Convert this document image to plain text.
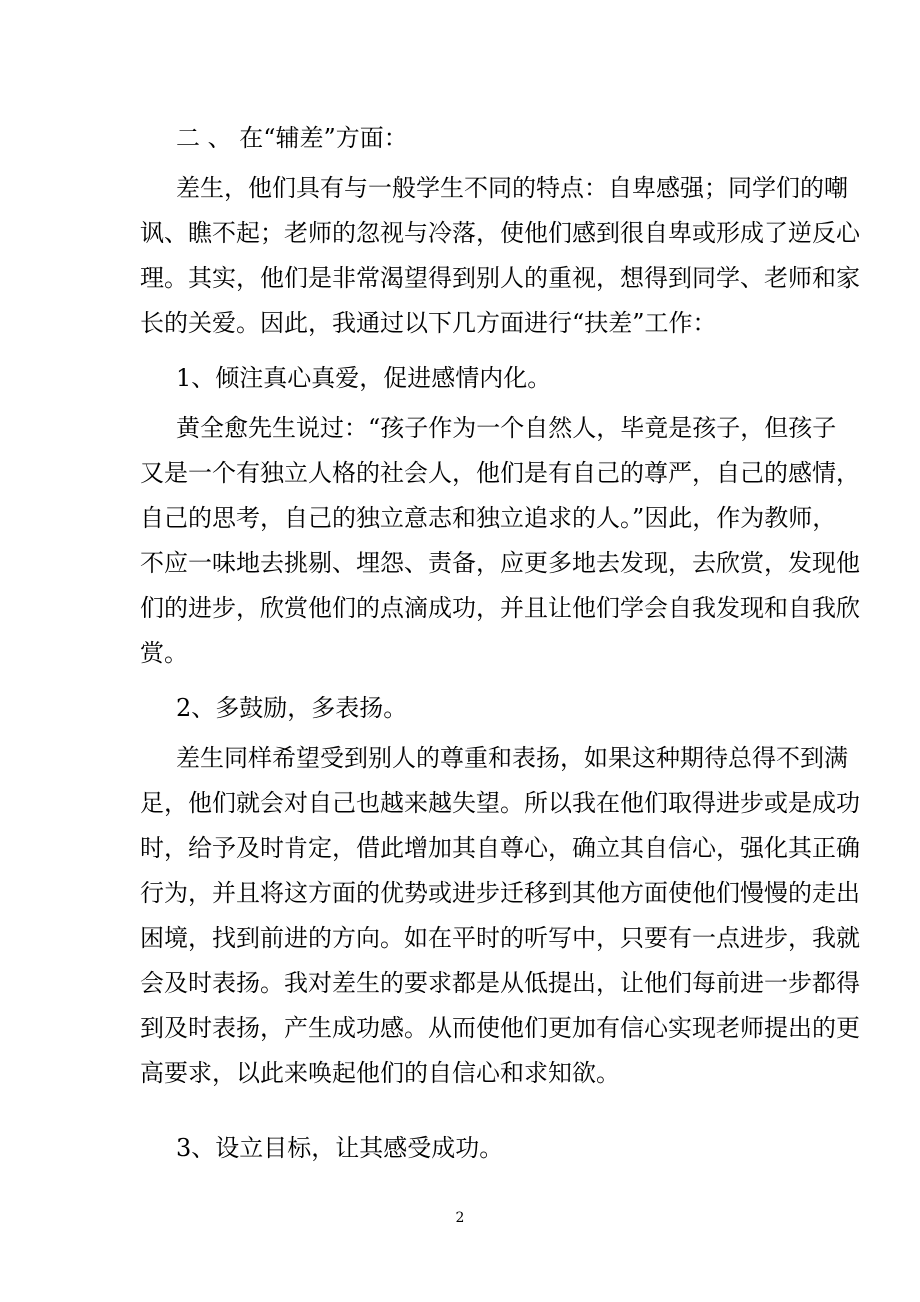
二 、 在“辅差”方面：
差生，他们具有与一般学生不同的特点：自卑感强；同学们的嘲
讽、瞧不起；老师的忽视与冷落，使他们感到很自卑或形成了逆反心
理。其实，他们是非常渴望得到别人的重视，想得到同学、老师和家
长的关爱。因此，我通过以下几方面进行“扶差”工作：
1、倾注真心真爱，促进感情内化。
黄全愈先生说过：“孩子作为一个自然人，毕竟是孩子，但孩子
又是一个有独立人格的社会人，他们是有自己的尊严，自己的感情，
自己的思考，自己的独立意志和独立追求的人。”因此，作为教师，
不应一味地去挑剔、埋怨、责备，应更多地去发现，去欣赏，发现他
们的进步，欣赏他们的点滴成功，并且让他们学会自我发现和自我欣
赏。
2、多鼓励，多表扬。
差生同样希望受到别人的尊重和表扬，如果这种期待总得不到满
足，他们就会对自己也越来越失望。所以我在他们取得进步或是成功
时，给予及时肯定，借此增加其自尊心，确立其自信心，强化其正确
行为，并且将这方面的优势或进步迁移到其他方面使他们慢慢的走出
困境，找到前进的方向。如在平时的听写中，只要有一点进步，我就
会及时表扬。我对差生的要求都是从低提出，让他们每前进一步都得
到及时表扬，产生成功感。从而使他们更加有信心实现老师提出的更
高要求，以此来唤起他们的自信心和求知欲。
3、设立目标，让其感受成功。
2
